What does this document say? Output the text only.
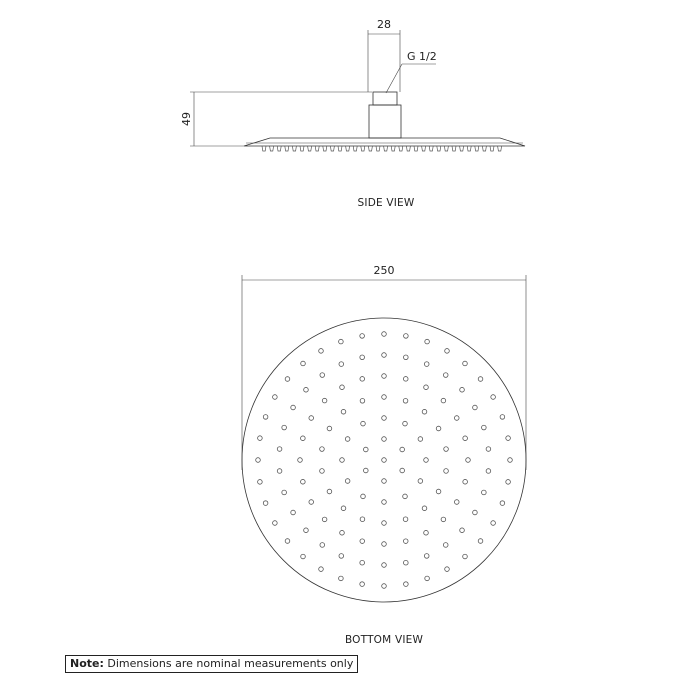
28
G 1/2
49
SIDE VIEW
250
BOTTOM VIEW
Note: Dimensions are nominal measurements only
